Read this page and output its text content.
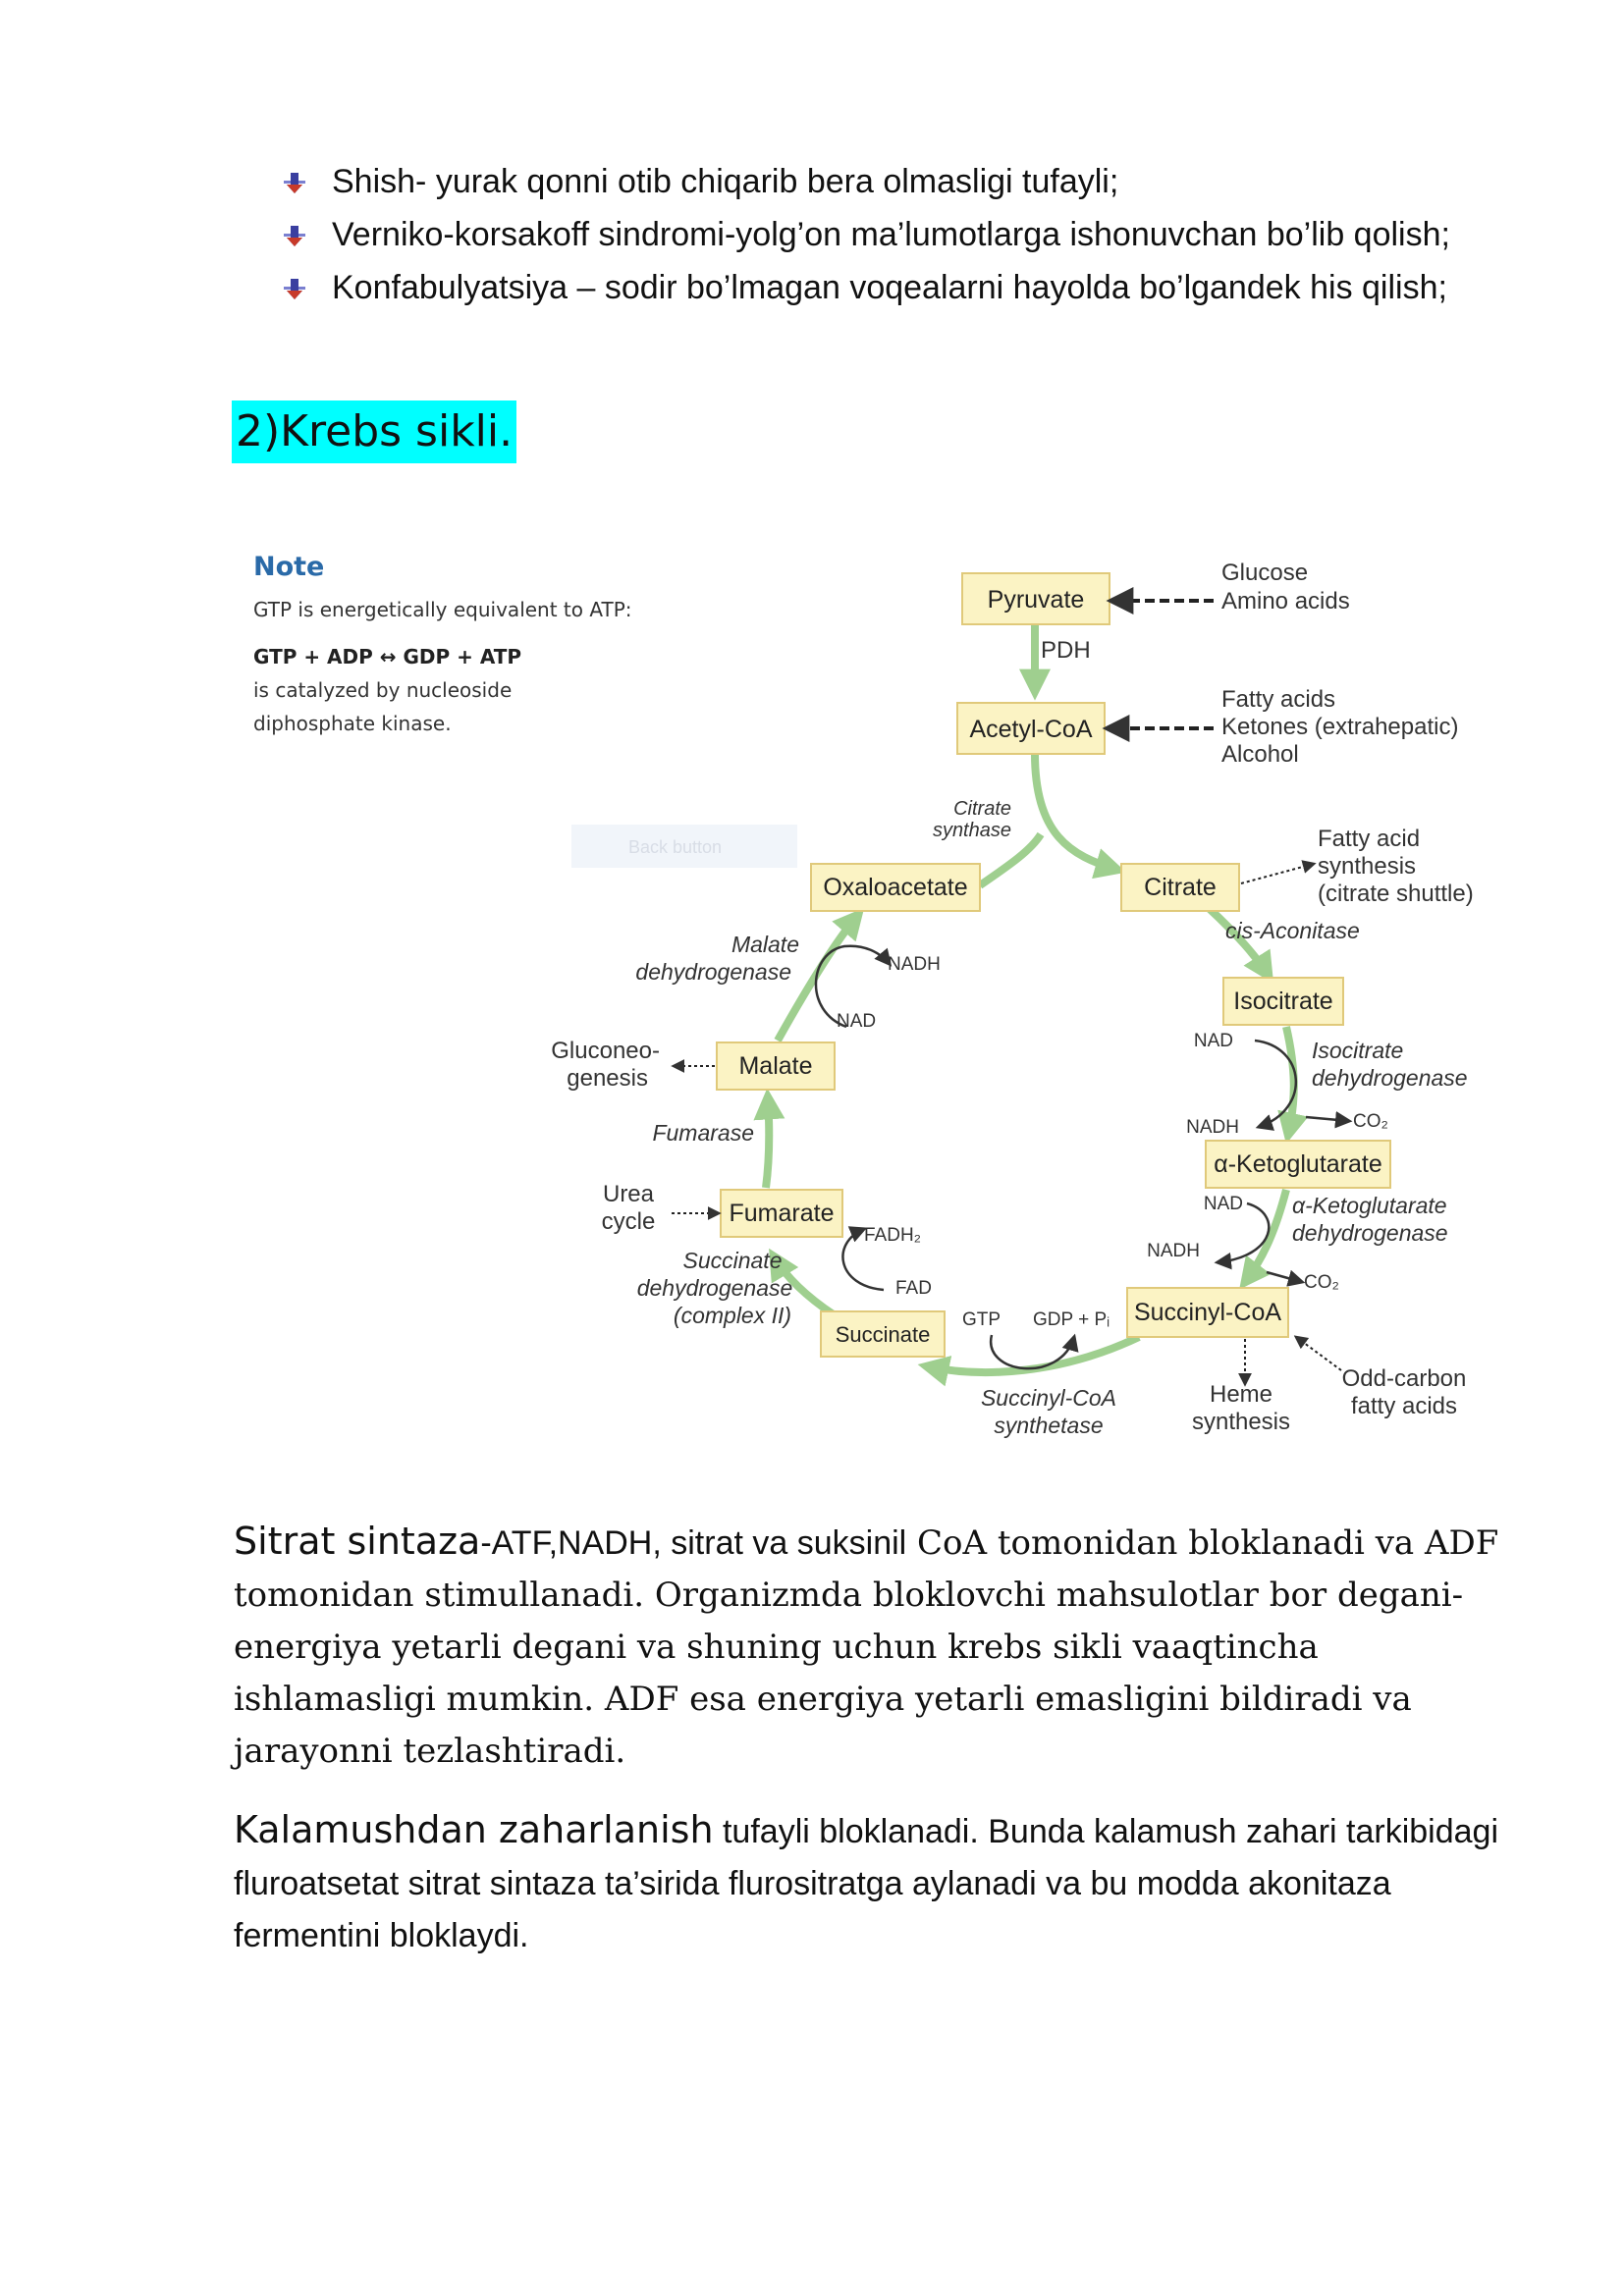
Shish- yurak qonni otib chiqarib bera olmasligi tufayli;
Verniko-korsakoff sindromi-yolg’on ma’lumotlarga ishonuvchan bo’lib qolish;
Konfabulyatsiya – sodir bo’lmagan voqealarni hayolda bo’lgandek his qilish;
2)Krebs sikli.
Back button
Note
GTP is energetically equivalent to ATP:
GTP + ADP ↔ GDP + ATP
is catalyzed by nucleoside
diphosphate kinase.
Pyruvate
Acetyl-CoA
Oxaloacetate	Citrate
Isocitrate
α-Ketoglutarate
Succinyl-CoA
Succinate
Fumarate
Malate
Glucose
Amino acids
PDH
Fatty acids
Ketones (extrahepatic)
Alcohol
Citrate
synthase	Fatty acid
synthesis
(citrate shuttle)
cis-Aconitase
Malate
dehydrogenase	NADH
NAD
Gluconeo-
genesis
NAD	Isocitrate
dehydrogenase
NADH	CO₂
Fumarase
Urea
cycle
NAD α-Ketoglutarate
dehydrogenase
NADH
CO₂
FADH₂
FAD
Succinate
dehydrogenase
(complex II)	GTP GDP + Pᵢ
Succinyl-CoA
synthetase
Heme
synthesis
Odd-carbon
fatty acids

Sitrat sintaza-ATF,NADH, sitrat va suksinil CoA tomonidan bloklanadi va ADF tomonidan stimullanadi. Organizmda bloklovchi mahsulotlar bor degani-energiya yetarli degani va shuning uchun krebs sikli vaaqtincha ishlamasligi mumkin. ADF esa energiya yetarli emasligini bildiradi va jarayonni tezlashtiradi.

Kalamushdan zaharlanish tufayli bloklanadi. Bunda kalamush zahari tarkibidagi fluroatsetat sitrat sintaza ta’sirida flurositratga aylanadi va bu modda akonitaza fermentini bloklaydi.
